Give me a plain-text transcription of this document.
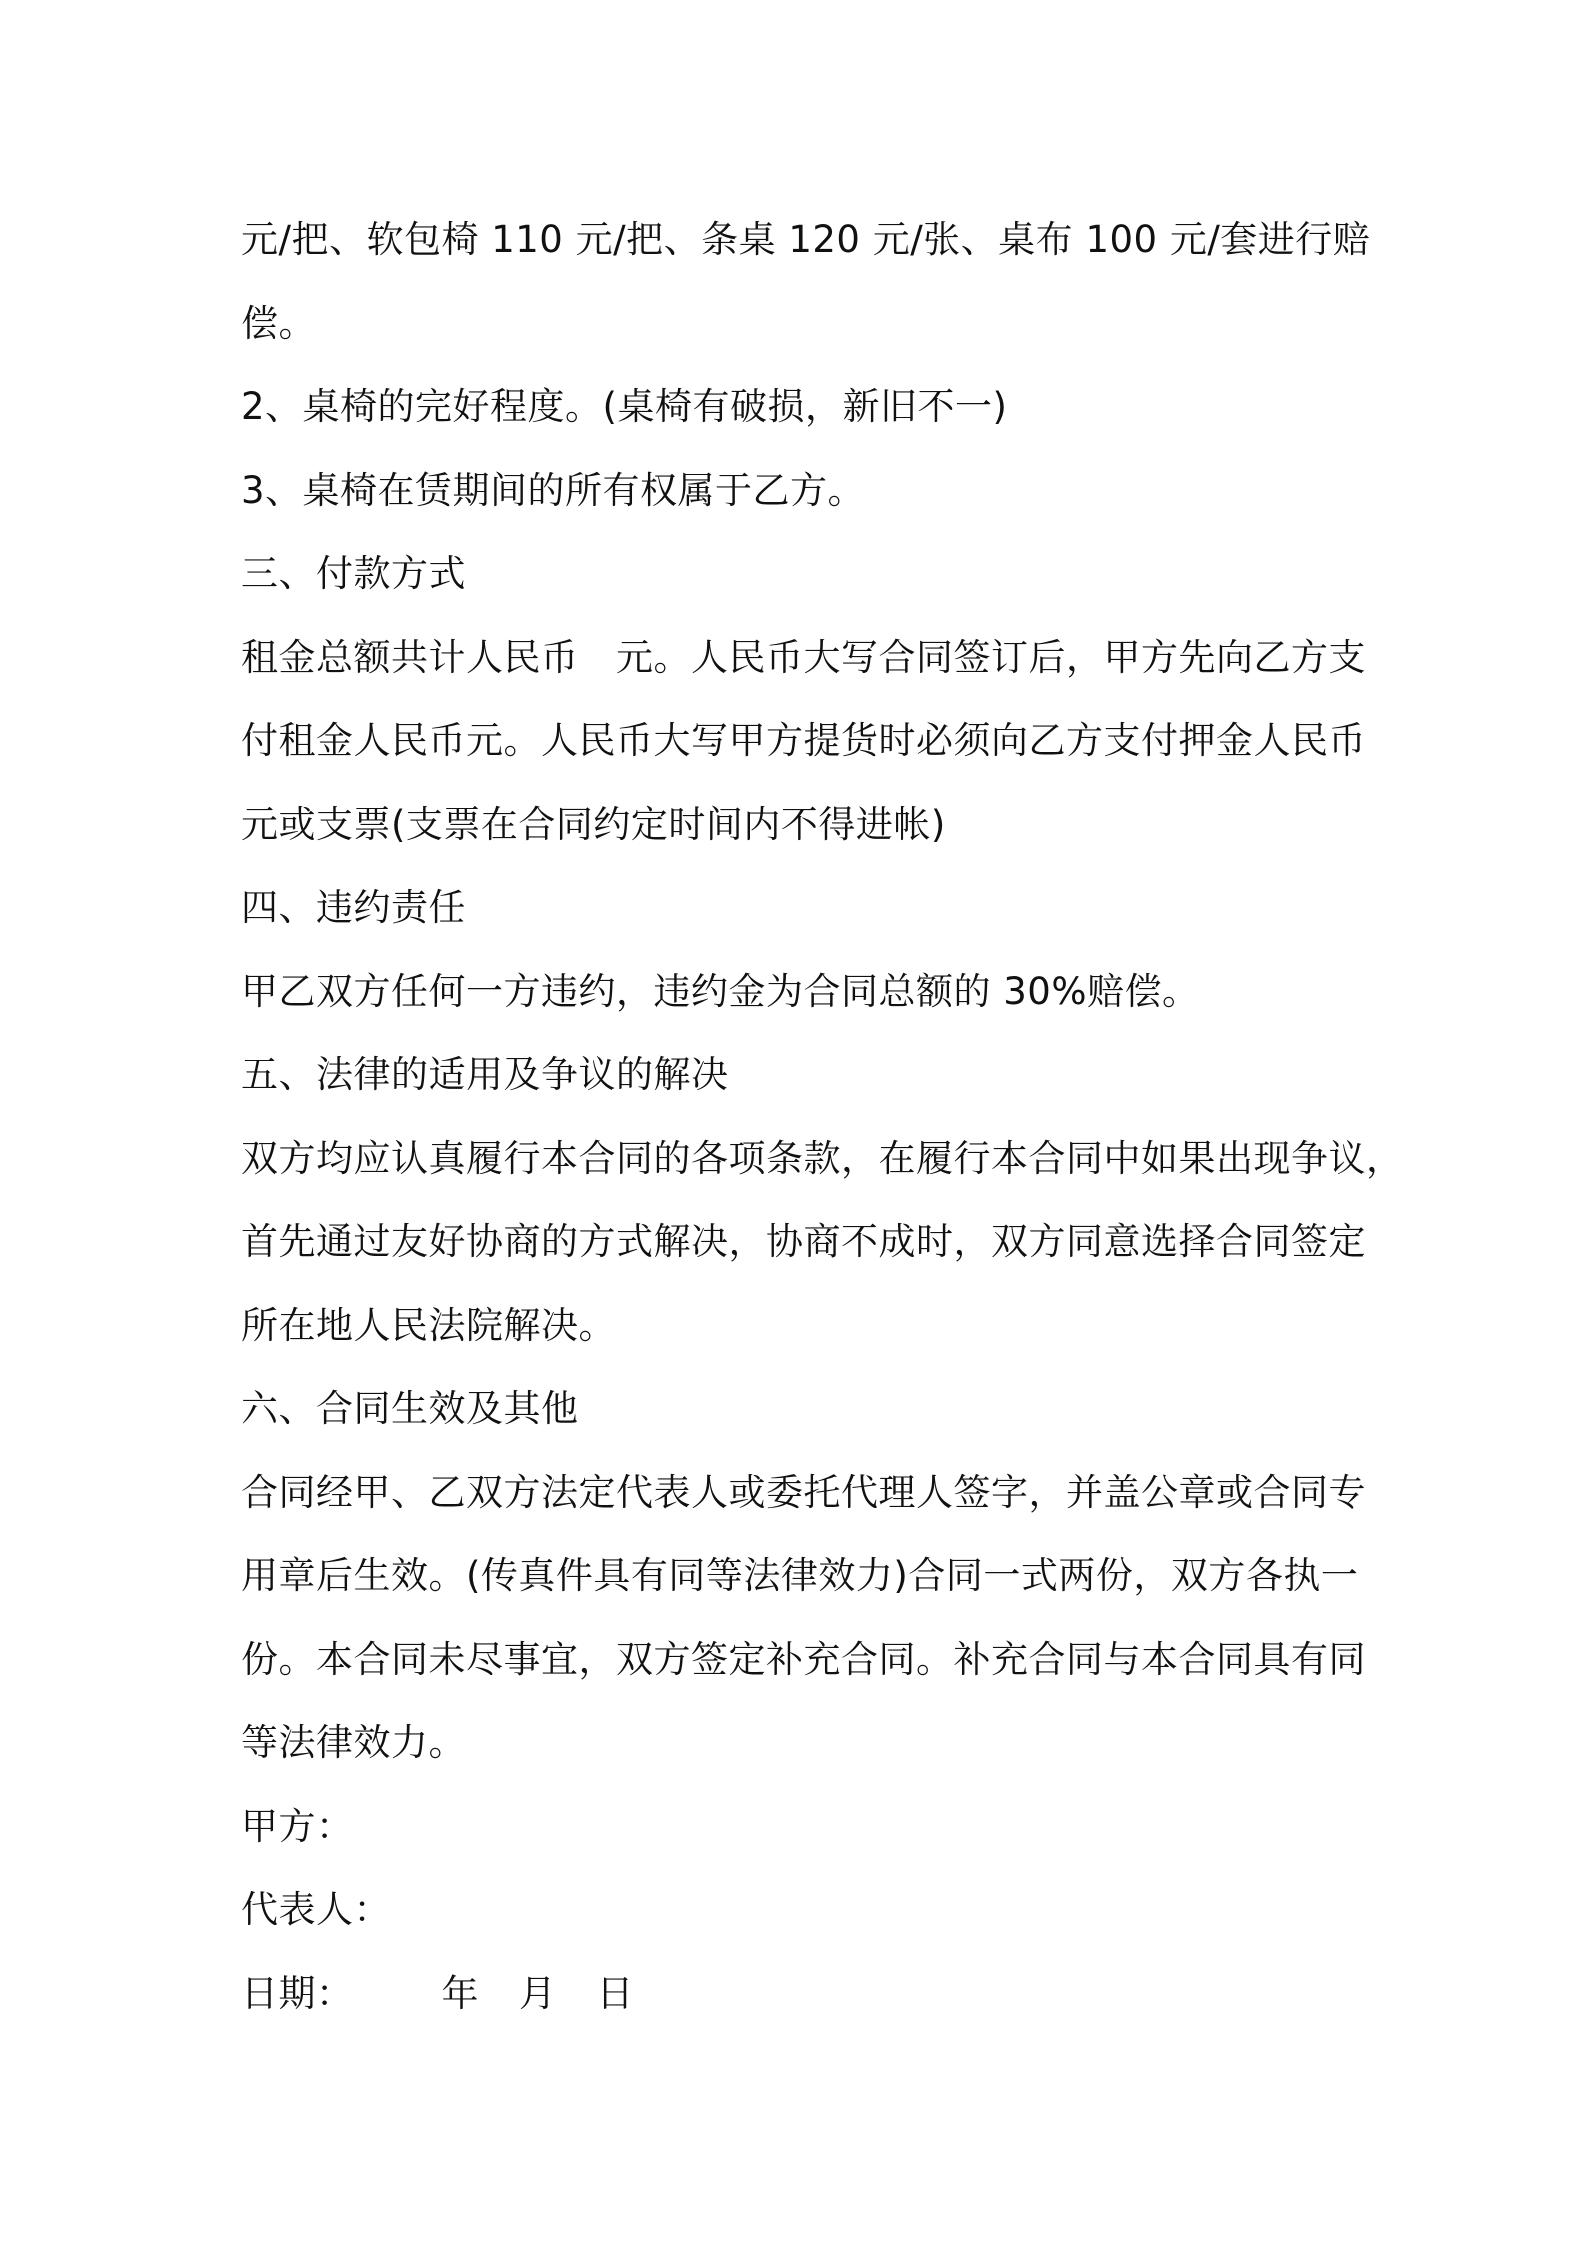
元/把、软包椅 110 元/把、条桌 120 元/张、桌布 100 元/套进行赔
偿。
2、桌椅的完好程度。(桌椅有破损，新旧不一)
3、桌椅在赁期间的所有权属于乙方。
三、付款方式
租金总额共计人民币　元。人民币大写合同签订后，甲方先向乙方支
付租金人民币元。人民币大写甲方提货时必须向乙方支付押金人民币
元或支票(支票在合同约定时间内不得进帐)
四、违约责任
甲乙双方任何一方违约，违约金为合同总额的 30%赔偿。
五、法律的适用及争议的解决
双方均应认真履行本合同的各项条款，在履行本合同中如果出现争议，
首先通过友好协商的方式解决，协商不成时，双方同意选择合同签定
所在地人民法院解决。
六、合同生效及其他
合同经甲、乙双方法定代表人或委托代理人签字，并盖公章或合同专
用章后生效。(传真件具有同等法律效力)合同一式两份，双方各执一
份。本合同未尽事宜，双方签定补充合同。补充合同与本合同具有同
等法律效力。
甲方：
代表人：
日期： 年 月 日
